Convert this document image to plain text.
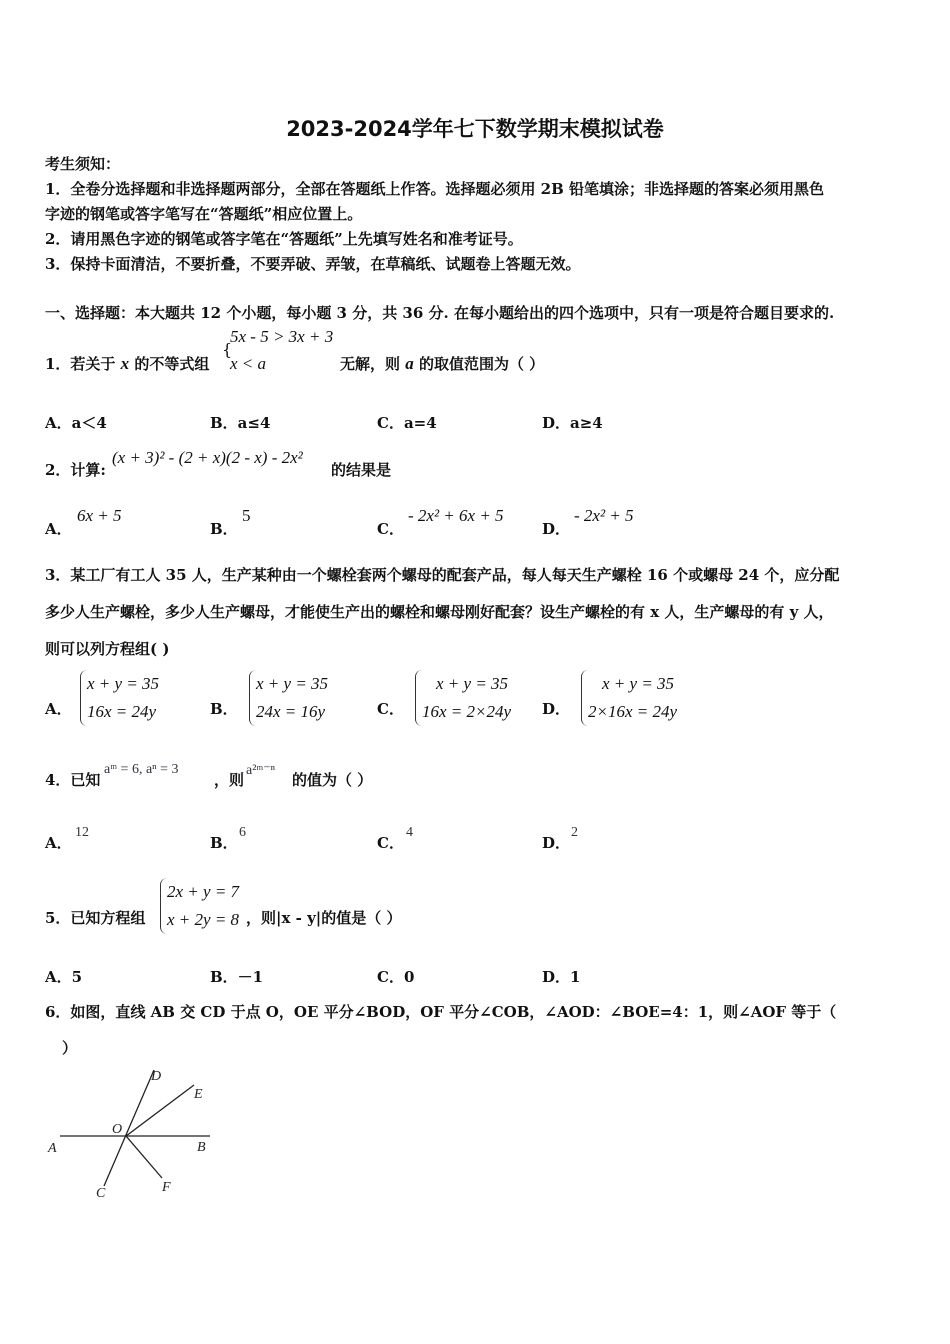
2023-2024学年七下数学期末模拟试卷
考生须知：
1．全卷分选择题和非选择题两部分，全部在答题纸上作答。选择题必须用 2B 铅笔填涂；非选择题的答案必须用黑色
字迹的钢笔或答字笔写在“答题纸”相应位置上。
2．请用黑色字迹的钢笔或答字笔在“答题纸”上先填写姓名和准考证号。
3．保持卡面清洁，不要折叠，不要弄破、弄皱，在草稿纸、试题卷上答题无效。
一、选择题：本大题共 12 个小题，每小题 3 分，共 36 分. 在每小题给出的四个选项中，只有一项是符合题目要求的.
1．若关于 x 的不等式组
{
5x - 5 > 3x + 3
x < a	无解，则 a 的取值范围为（ ）
A．a＜4	B．a≤4	C．a=4	D．a≥4
2．计算:
(x + 3)² - (2 + x)(2 - x) - 2x²
的结果是
A．
6x + 5
B．
5
C．
- 2x² + 6x + 5
D．
- 2x² + 5
3．某工厂有工人 35 人，生产某种由一个螺栓套两个螺母的配套产品，每人每天生产螺栓 16 个或螺母 24 个，应分配
多少人生产螺栓，多少人生产螺母，才能使生产出的螺栓和螺母刚好配套？设生产螺栓的有 x 人，生产螺母的有 y 人，
则可以列方程组( )
A．
x + y = 35
16x = 24y	B．
x + y = 35
24x = 16y	C．
x + y = 35
16x = 2×24y D．
x + y = 35
2×16x = 24y
4．已知
aᵐ = 6, aⁿ = 3
，则
a²ᵐ⁻ⁿ
的值为（ ）
A．
12
B．
6
C．
4
D．
2
5．已知方程组
2x + y = 7
x + 2y = 8 ，则|x - y|的值是（ ）
A．5	B．－1	C．0	D．1
6．如图，直线 AB 交 CD 于点 O，OE 平分∠BOD，OF 平分∠COB，∠AOD：∠BOE=4：1，则∠AOF 等于（
）
A	B
C
D
E
F
O
